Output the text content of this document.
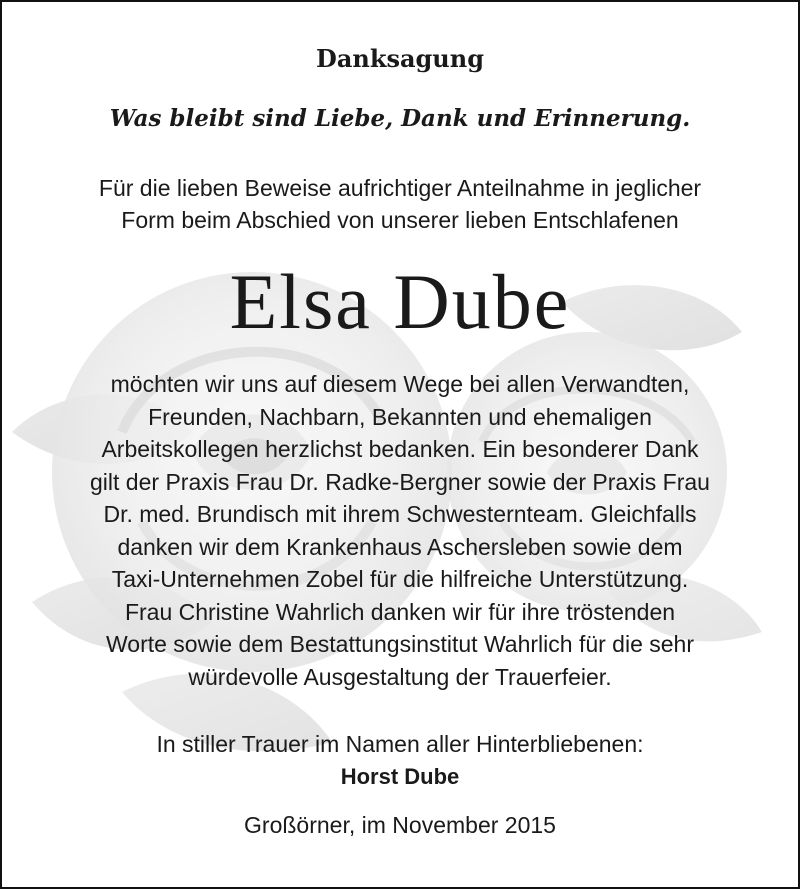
Danksagung
Was bleibt sind Liebe, Dank und Erinnerung.
Für die lieben Beweise aufrichtiger Anteilnahme in jeglicher
Form beim Abschied von unserer lieben Entschlafenen
Elsa Dube
möchten wir uns auf diesem Wege bei allen Verwandten,
Freunden, Nachbarn, Bekannten und ehemaligen
Arbeitskollegen herzlichst bedanken. Ein besonderer Dank
gilt der Praxis Frau Dr. Radke-Bergner sowie der Praxis Frau
Dr. med. Brundisch mit ihrem Schwesternteam. Gleichfalls
danken wir dem Krankenhaus Aschersleben sowie dem
Taxi-Unternehmen Zobel für die hilfreiche Unterstützung.
Frau Christine Wahrlich danken wir für ihre tröstenden
Worte sowie dem Bestattungsinstitut Wahrlich für die sehr
würdevolle Ausgestaltung der Trauerfeier.
In stiller Trauer im Namen aller Hinterbliebenen:
Horst Dube
Großörner, im November 2015
